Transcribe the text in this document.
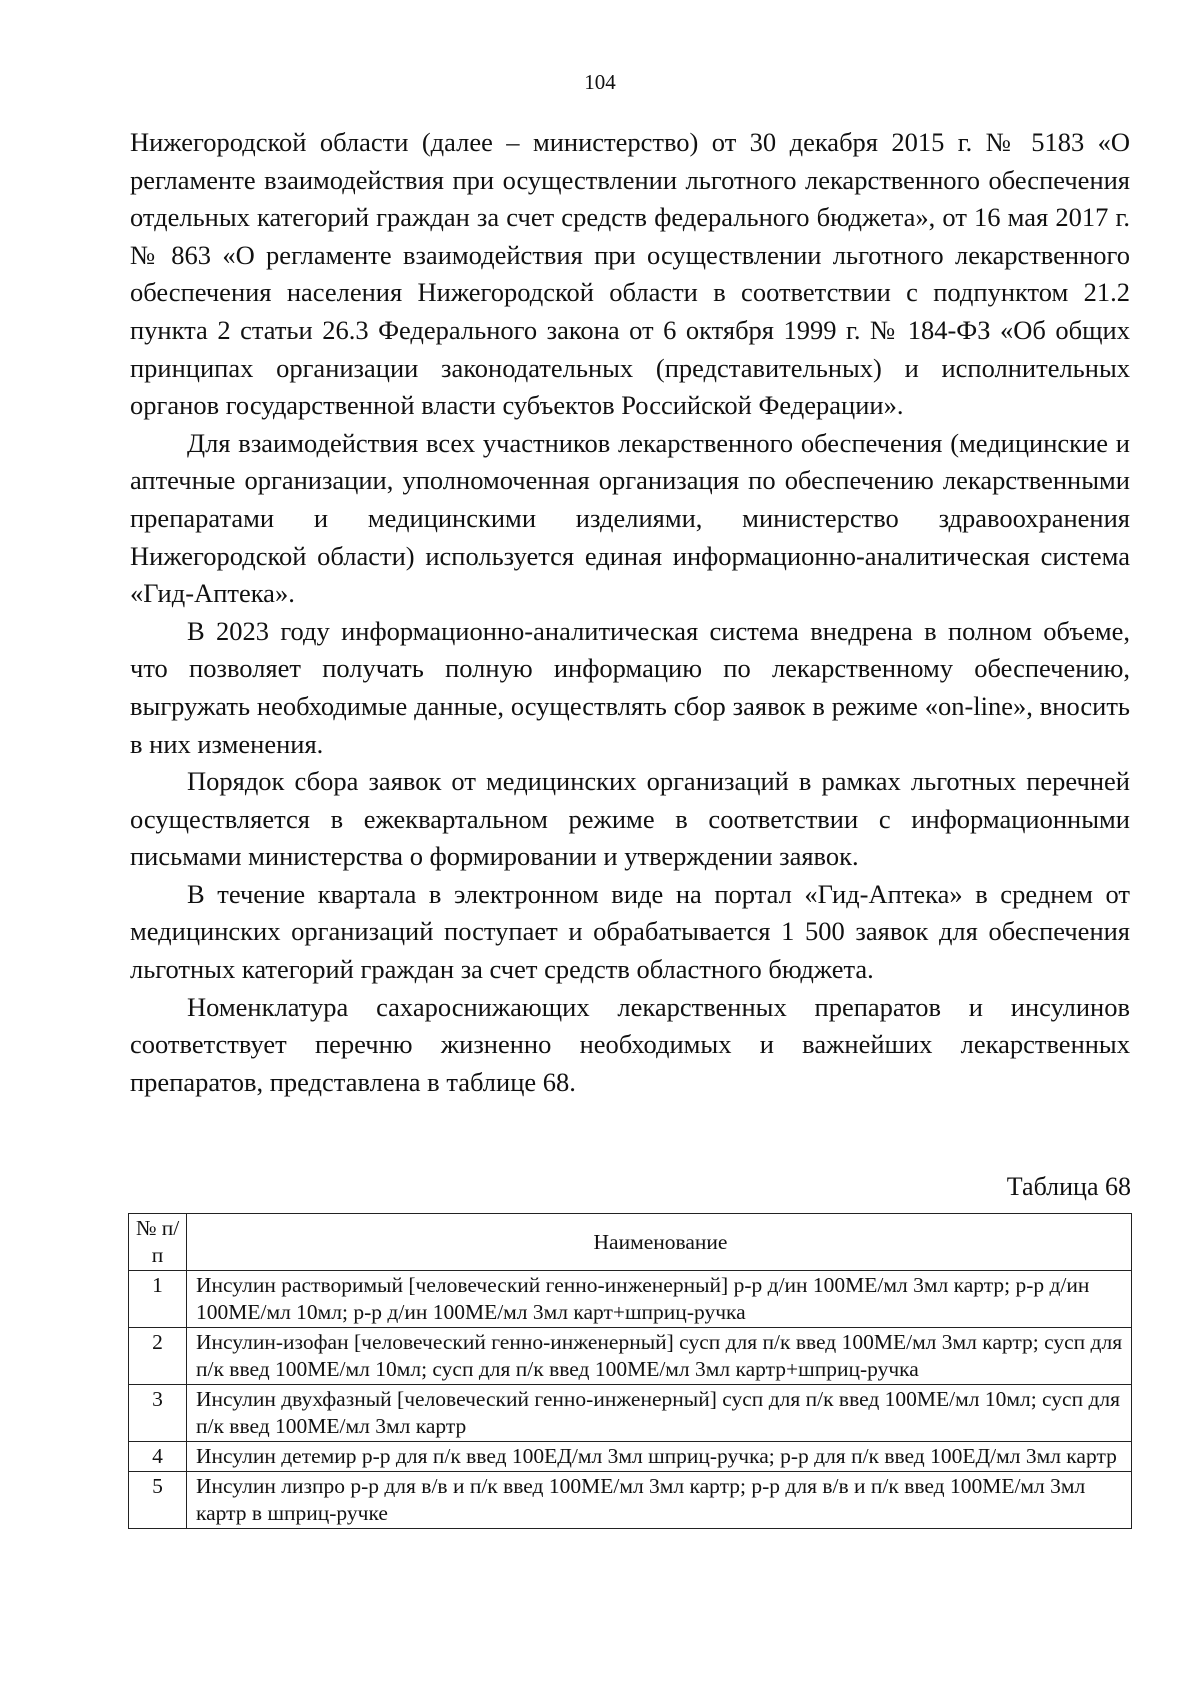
104

Нижегородской области (далее – министерство) от 30 декабря 2015 г. № 5183 «О регламенте взаимодействия при осуществлении льготного лекарственного обеспечения отдельных категорий граждан за счет средств федерального бюджета», от 16 мая 2017 г. № 863 «О регламенте взаимодействия при осуществлении льготного лекарственного обеспечения населения Нижегородской области в соответствии с подпунктом 21.2 пункта 2 статьи 26.3 Федерального закона от 6 октября 1999 г. № 184-ФЗ «Об общих принципах организации законодательных (представительных) и исполнительных органов государственной власти субъектов Российской Федерации».

Для взаимодействия всех участников лекарственного обеспечения (медицинские и аптечные организации, уполномоченная организация по обеспечению лекарственными препаратами и медицинскими изделиями, министерство здравоохранения Нижегородской области) используется единая информационно-аналитическая система «Гид-Аптека».

В 2023 году информационно-аналитическая система внедрена в полном объеме, что позволяет получать полную информацию по лекарственному обеспечению, выгружать необходимые данные, осуществлять сбор заявок в режиме «on-line», вносить в них изменения.

Порядок сбора заявок от медицинских организаций в рамках льготных перечней осуществляется в ежеквартальном режиме в соответствии с информационными письмами министерства о формировании и утверждении заявок.

В течение квартала в электронном виде на портал «Гид-Аптека» в среднем от медицинских организаций поступает и обрабатывается 1 500 заявок для обеспечения льготных категорий граждан за счет средств областного бюджета.

Номенклатура сахароснижающих лекарственных препаратов и инсулинов соответствует перечню жизненно необходимых и важнейших лекарственных препаратов, представлена в таблице 68.

Таблица 68
№ п/п	Наименование
1	Инсулин растворимый [человеческий генно-инженерный] р-р д/ин 100МЕ/мл 3мл картр; р-р д/ин 100МЕ/мл 10мл; р-р д/ин 100МЕ/мл 3мл карт+шприц-ручка
2	Инсулин-изофан [человеческий генно-инженерный] сусп для п/к введ 100МЕ/мл 3мл картр; сусп для п/к введ 100МЕ/мл 10мл; сусп для п/к введ 100МЕ/мл 3мл картр+шприц-ручка
3	Инсулин двухфазный [человеческий генно-инженерный] сусп для п/к введ 100МЕ/мл 10мл; сусп для п/к введ 100МЕ/мл 3мл картр
4	Инсулин детемир р-р для п/к введ 100ЕД/мл 3мл шприц-ручка; р-р для п/к введ 100ЕД/мл 3мл картр
5	Инсулин лизпро р-р для в/в и п/к введ 100МЕ/мл 3мл картр; р-р для в/в и п/к введ 100МЕ/мл 3мл картр в шприц-ручке
